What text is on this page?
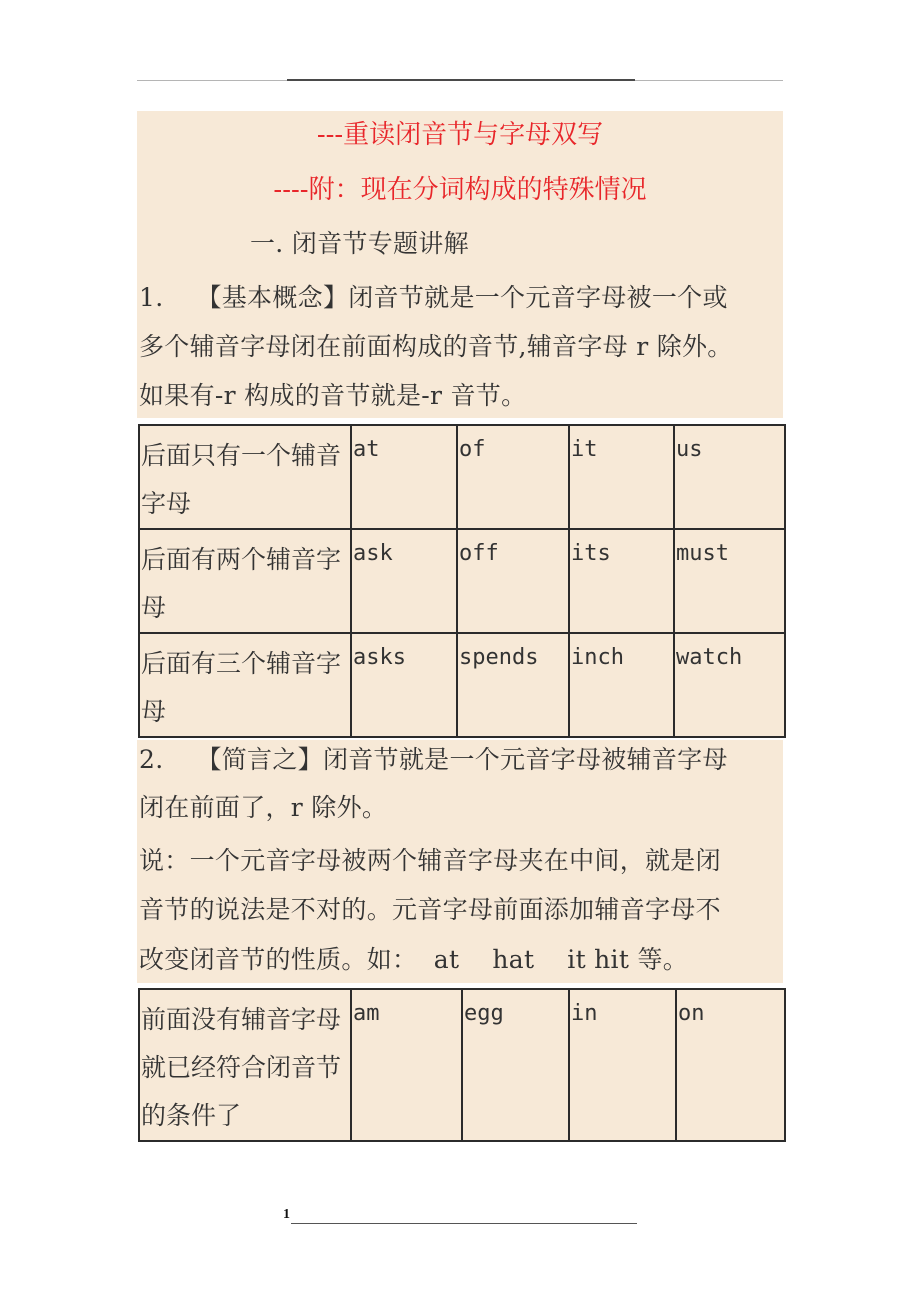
---重读闭音节与字母双写
----附：现在分词构成的特殊情况
一. 闭音节专题讲解
1.    【基本概念】闭音节就是一个元音字母被一个或
多个辅音字母闭在前面构成的音节,辅音字母 r 除外。
如果有-r 构成的音节就是-r 音节。
后面只有一个辅音字母	at	of	it	us
后面有两个辅音字母	ask	off	its	must
后面有三个辅音字母	asks	spends	inch	watch
2.    【简言之】闭音节就是一个元音字母被辅音字母
闭在前面了，r 除外。
说：一个元音字母被两个辅音字母夹在中间，就是闭
音节的说法是不对的。元音字母前面添加辅音字母不
改变闭音节的性质。如：  at    hat    it hit 等。
前面没有辅音字母就已经符合闭音节的条件了	am	egg	in	on
1
